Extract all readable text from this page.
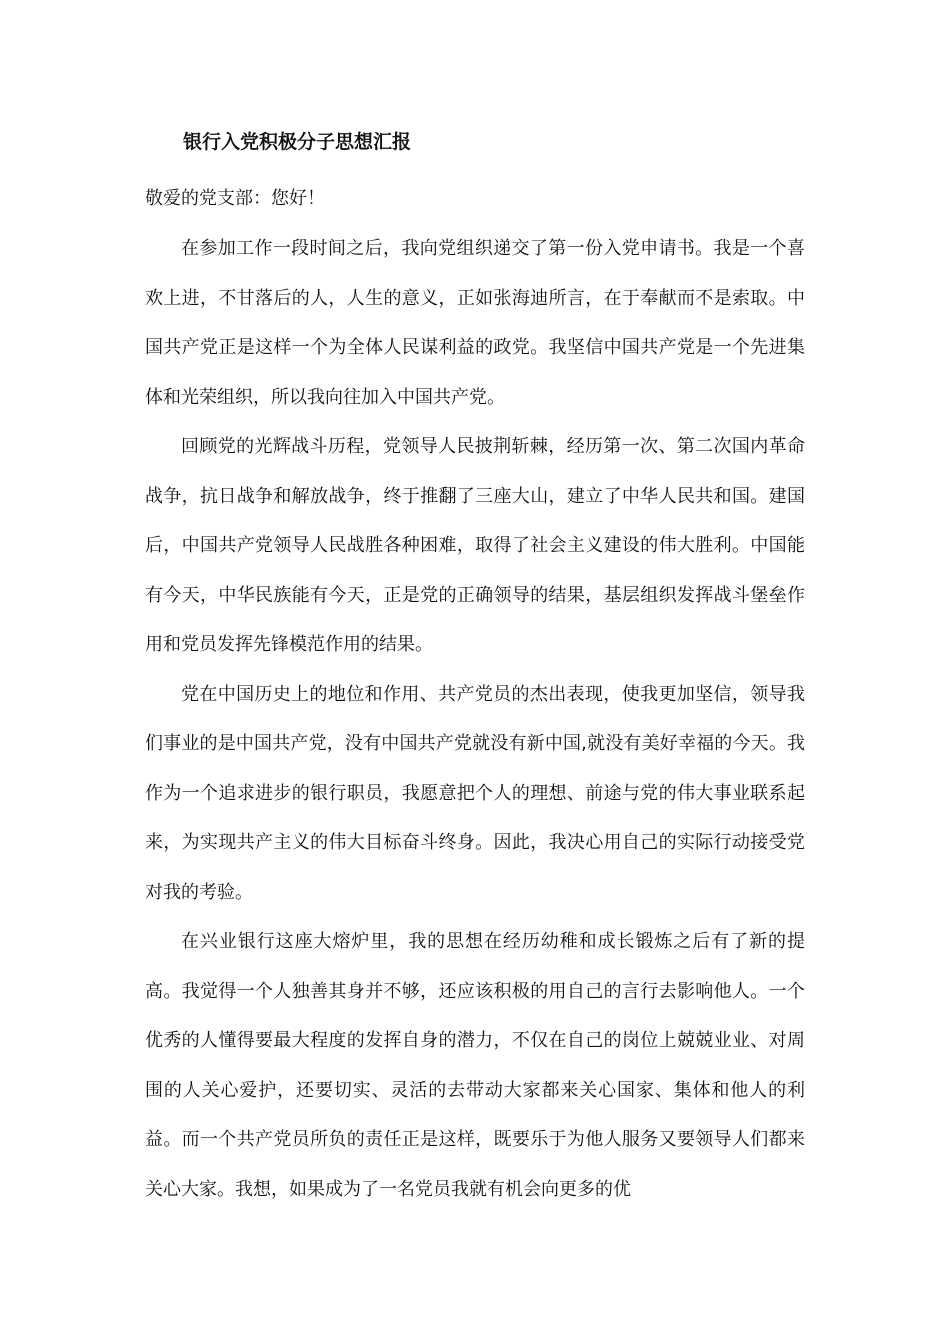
银行入党积极分子思想汇报

敬爱的党支部：您好！

在参加工作一段时间之后，我向党组织递交了第一份入党申请书。我是一个喜欢上进，不甘落后的人，人生的意义，正如张海迪所言，在于奉献而不是索取。中国共产党正是这样一个为全体人民谋利益的政党。我坚信中国共产党是一个先进集体和光荣组织，所以我向往加入中国共产党。

回顾党的光辉战斗历程，党领导人民披荆斩棘，经历第一次、第二次国内革命战争，抗日战争和解放战争，终于推翻了三座大山，建立了中华人民共和国。建国后，中国共产党领导人民战胜各种困难，取得了社会主义建设的伟大胜利。中国能有今天，中华民族能有今天，正是党的正确领导的结果，基层组织发挥战斗堡垒作用和党员发挥先锋模范作用的结果。

党在中国历史上的地位和作用、共产党员的杰出表现，使我更加坚信，领导我们事业的是中国共产党，没有中国共产党就没有新中国,就没有美好幸福的今天。我作为一个追求进步的银行职员，我愿意把个人的理想、前途与党的伟大事业联系起来，为实现共产主义的伟大目标奋斗终身。因此，我决心用自己的实际行动接受党对我的考验。

在兴业银行这座大熔炉里，我的思想在经历幼稚和成长锻炼之后有了新的提高。我觉得一个人独善其身并不够，还应该积极的用自己的言行去影响他人。一个优秀的人懂得要最大程度的发挥自身的潜力，不仅在自己的岗位上兢兢业业、对周围的人关心爱护，还要切实、灵活的去带动大家都来关心国家、集体和他人的利益。而一个共产党员所负的责任正是这样，既要乐于为他人服务又要领导人们都来关心大家。我想，如果成为了一名党员我就有机会向更多的优
